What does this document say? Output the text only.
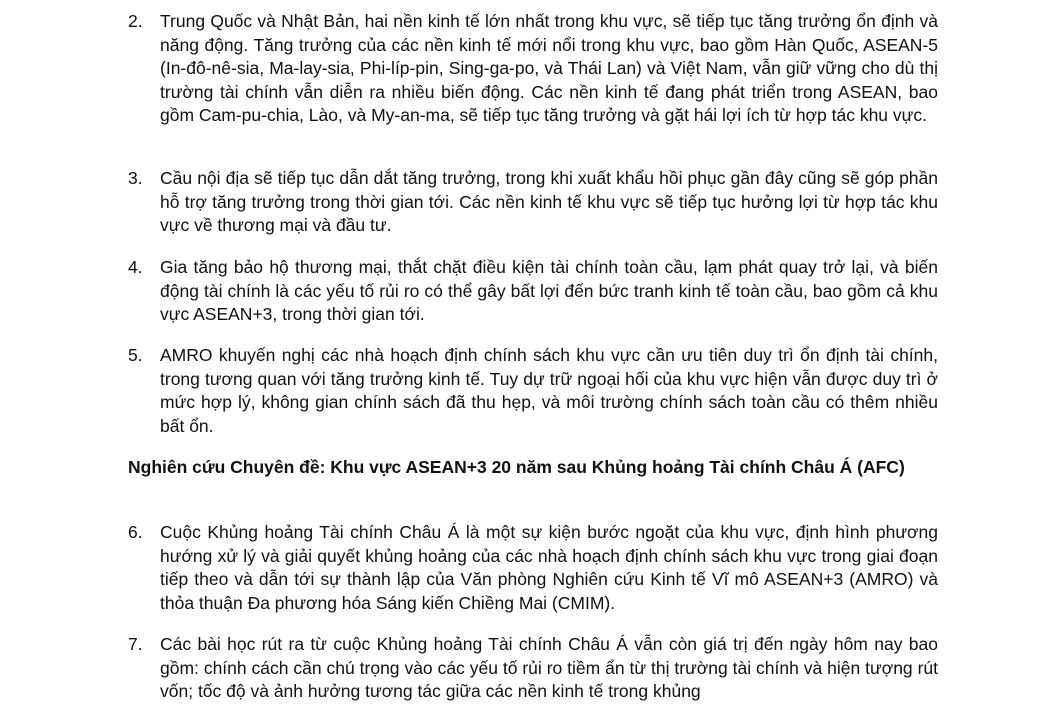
2. Trung Quốc và Nhật Bản, hai nền kinh tế lớn nhất trong khu vực, sẽ tiếp tục tăng trưởng ổn định và năng động. Tăng trưởng của các nền kinh tế mới nổi trong khu vực, bao gồm Hàn Quốc, ASEAN-5 (In-đô-nê-sia, Ma-lay-sia, Phi-líp-pin, Sing-ga-po, và Thái Lan) và Việt Nam, vẫn giữ vững cho dù thị trường tài chính vẫn diễn ra nhiều biến động. Các nền kinh tế đang phát triển trong ASEAN, bao gồm Cam-pu-chia, Lào, và My-an-ma, sẽ tiếp tục tăng trưởng và gặt hái lợi ích từ hợp tác khu vực.
3. Cầu nội địa sẽ tiếp tục dẫn dắt tăng trưởng, trong khi xuất khẩu hồi phục gần đây cũng sẽ góp phần hỗ trợ tăng trưởng trong thời gian tới. Các nền kinh tế khu vực sẽ tiếp tục hưởng lợi từ hợp tác khu vực về thương mại và đầu tư.
4. Gia tăng bảo hộ thương mại, thắt chặt điều kiện tài chính toàn cầu, lạm phát quay trở lại, và biến động tài chính là các yếu tố rủi ro có thể gây bất lợi đến bức tranh kinh tế toàn cầu, bao gồm cả khu vực ASEAN+3, trong thời gian tới.
5. AMRO khuyến nghị các nhà hoạch định chính sách khu vực cần ưu tiên duy trì ổn định tài chính, trong tương quan với tăng trưởng kinh tế. Tuy dự trữ ngoại hối của khu vực hiện vẫn được duy trì ở mức hợp lý, không gian chính sách đã thu hẹp, và môi trường chính sách toàn cầu có thêm nhiều bất ổn.
Nghiên cứu Chuyên đề: Khu vực ASEAN+3 20 năm sau Khủng hoảng Tài chính Châu Á (AFC)
6. Cuộc Khủng hoảng Tài chính Châu Á là một sự kiện bước ngoặt của khu vực, định hình phương hướng xử lý và giải quyết khủng hoảng của các nhà hoạch định chính sách khu vực trong giai đoạn tiếp theo và dẫn tới sự thành lập của Văn phòng Nghiên cứu Kinh tế Vĩ mô ASEAN+3 (AMRO) và thỏa thuận Đa phương hóa Sáng kiến Chiềng Mai (CMIM).
7. Các bài học rút ra từ cuộc Khủng hoảng Tài chính Châu Á vẫn còn giá trị đến ngày hôm nay bao gồm: chính cách cần chú trọng vào các yếu tố rủi ro tiềm ẩn từ thị trường tài chính và hiện tượng rút vốn; tốc độ và ảnh hưởng tương tác giữa các nền kinh tế trong khủng
